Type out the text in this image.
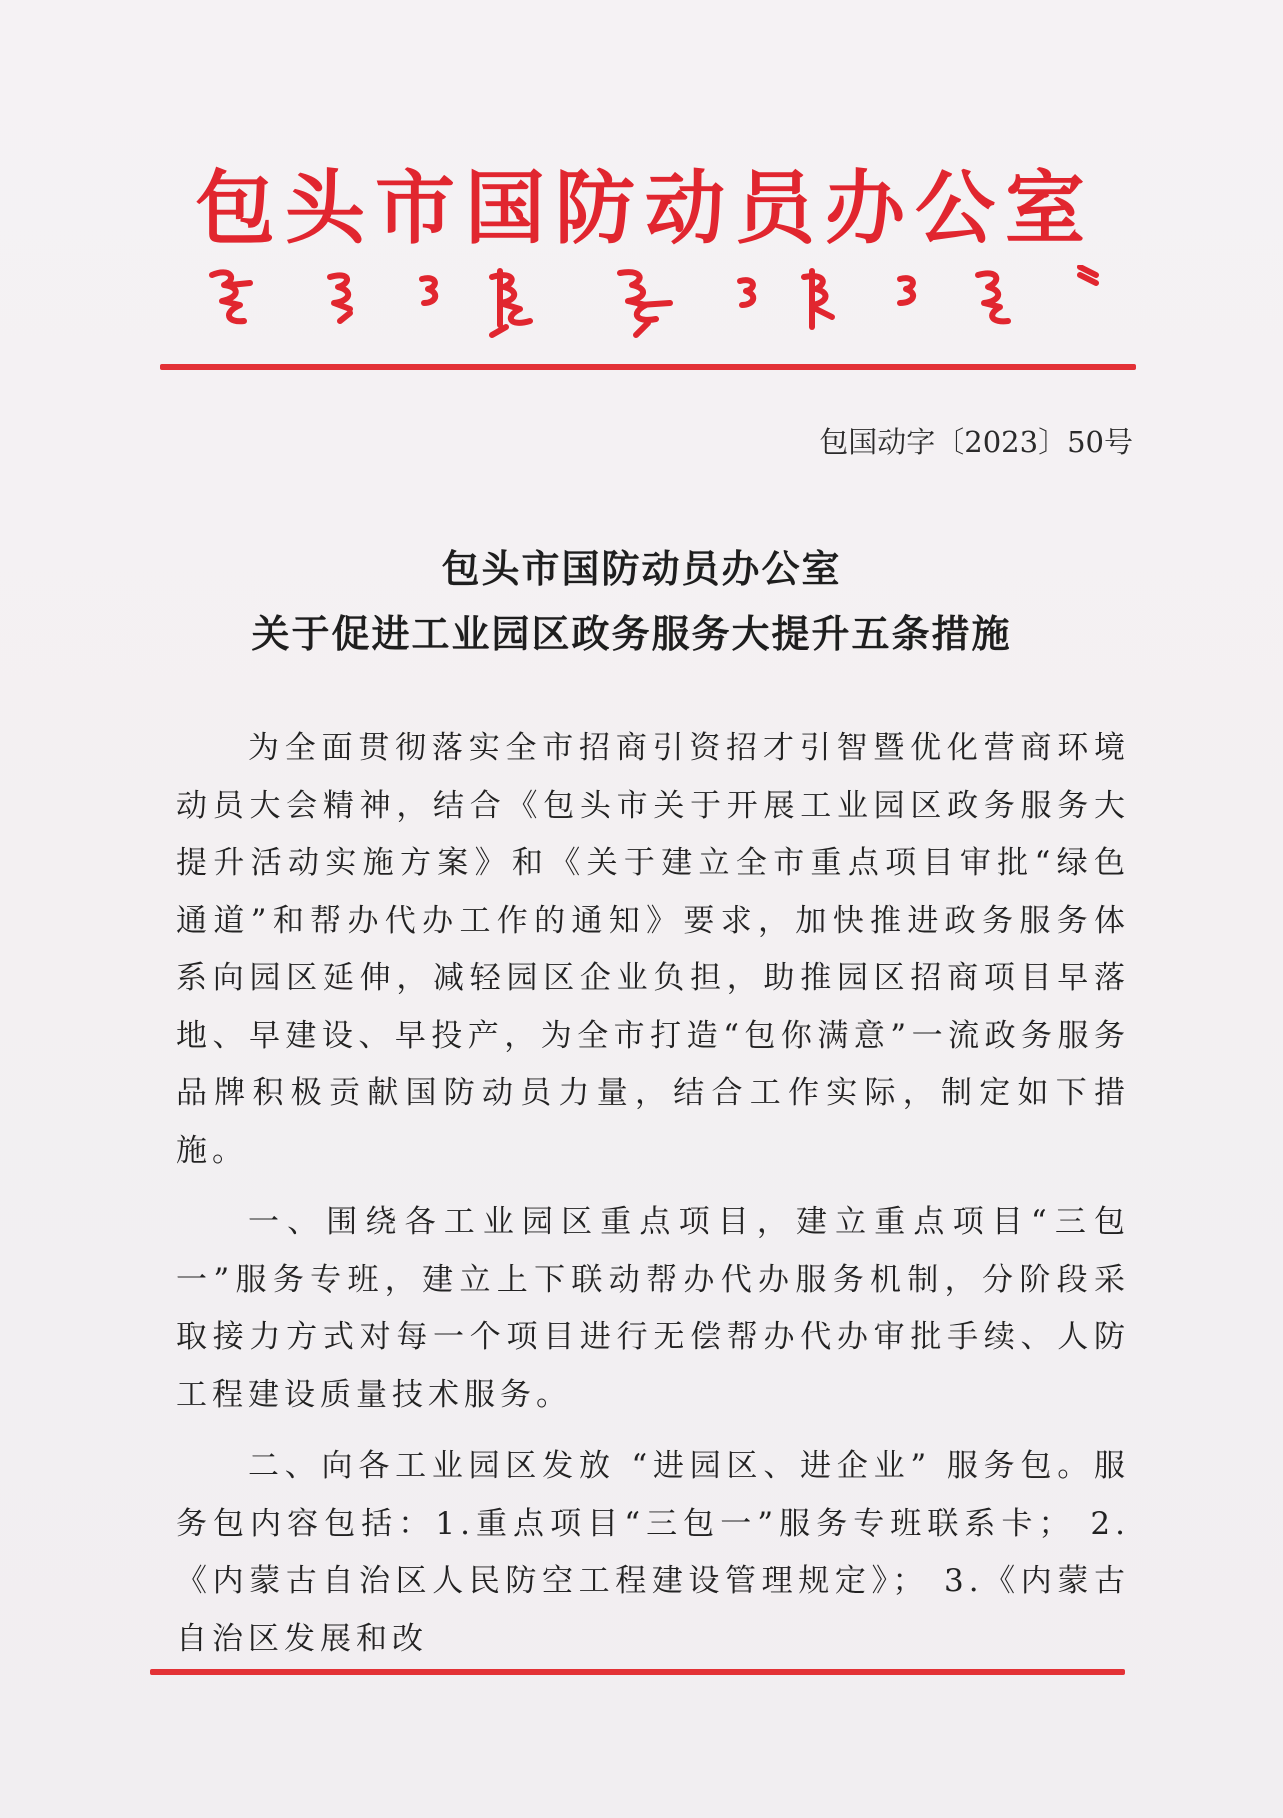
包头市国防动员办公室
包国动字〔2023〕50号
包头市国防动员办公室
关于促进工业园区政务服务大提升五条措施

为全面贯彻落实全市招商引资招才引智暨优化营商环境动员大会精神，结合《包头市关于开展工业园区政务服务大提升活动实施方案》和《关于建立全市重点项目审批“绿色通道”和帮办代办工作的通知》要求，加快推进政务服务体系向园区延伸，减轻园区企业负担，助推园区招商项目早落地、早建设、早投产，为全市打造“包你满意”一流政务服务品牌积极贡献国防动员力量，结合工作实际，制定如下措施。

一、围绕各工业园区重点项目，建立重点项目“三包一”服务专班，建立上下联动帮办代办服务机制，分阶段采取接力方式对每一个项目进行无偿帮办代办审批手续、人防工程建设质量技术服务。

二、向各工业园区发放 “进园区、进企业” 服务包。服务包内容包括：1.重点项目“三包一”服务专班联系卡； 2.《内蒙古自治区人民防空工程建设管理规定》； 3.《内蒙古自治区发展和改
